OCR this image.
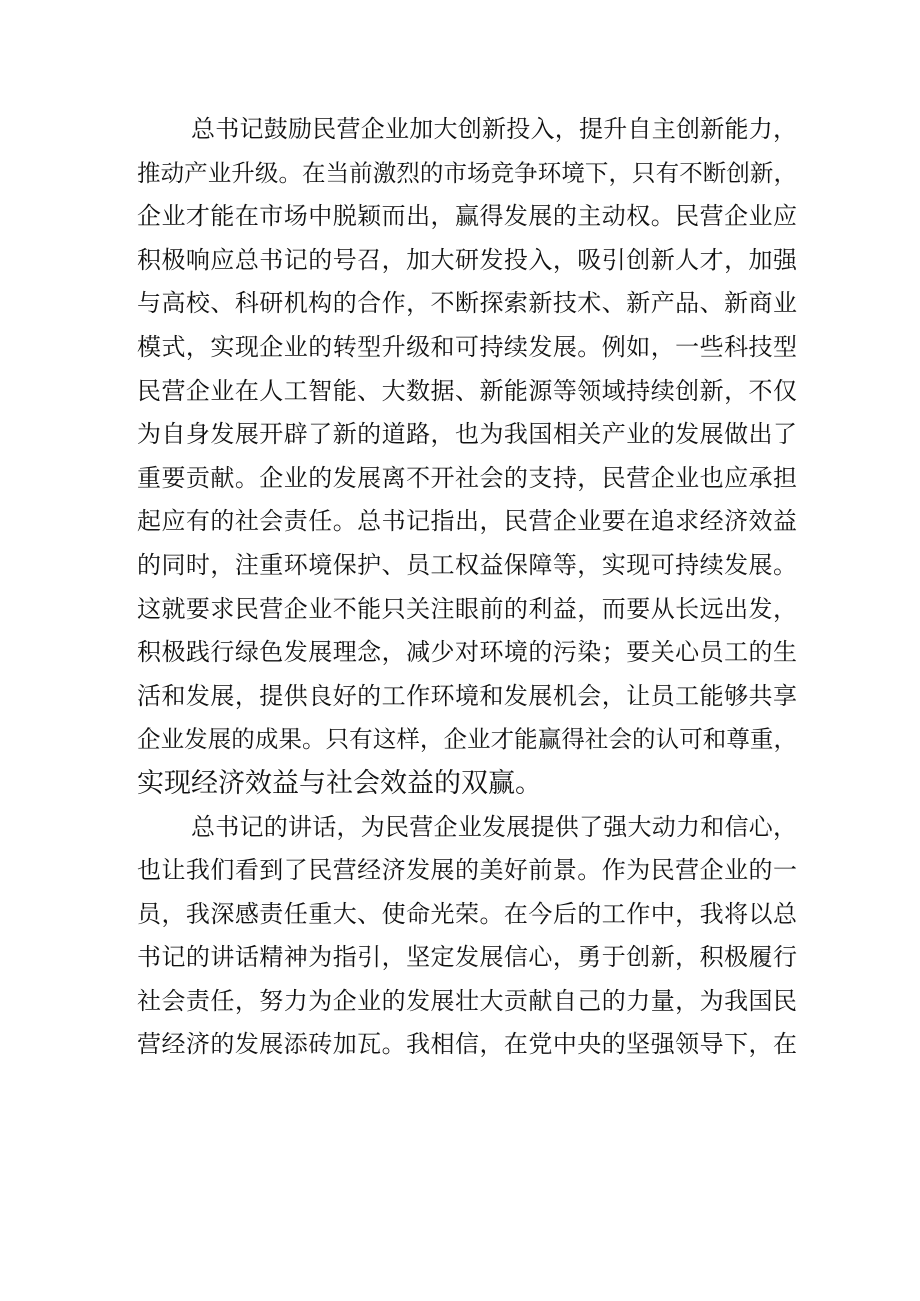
总书记鼓励民营企业加大创新投入，提升自主创新能力，
推动产业升级。在当前激烈的市场竞争环境下，只有不断创新，
企业才能在市场中脱颖而出，赢得发展的主动权。民营企业应
积极响应总书记的号召，加大研发投入，吸引创新人才，加强
与高校、科研机构的合作，不断探索新技术、新产品、新商业
模式，实现企业的转型升级和可持续发展。例如，一些科技型
民营企业在人工智能、大数据、新能源等领域持续创新，不仅
为自身发展开辟了新的道路，也为我国相关产业的发展做出了
重要贡献。企业的发展离不开社会的支持，民营企业也应承担
起应有的社会责任。总书记指出，民营企业要在追求经济效益
的同时，注重环境保护、员工权益保障等，实现可持续发展。
这就要求民营企业不能只关注眼前的利益，而要从长远出发，
积极践行绿色发展理念，减少对环境的污染；要关心员工的生
活和发展，提供良好的工作环境和发展机会，让员工能够共享
企业发展的成果。只有这样，企业才能赢得社会的认可和尊重，
实现经济效益与社会效益的双赢。
总书记的讲话，为民营企业发展提供了强大动力和信心，
也让我们看到了民营经济发展的美好前景。作为民营企业的一
员，我深感责任重大、使命光荣。在今后的工作中，我将以总
书记的讲话精神为指引，坚定发展信心，勇于创新，积极履行
社会责任，努力为企业的发展壮大贡献自己的力量，为我国民
营经济的发展添砖加瓦。我相信，在党中央的坚强领导下，在
